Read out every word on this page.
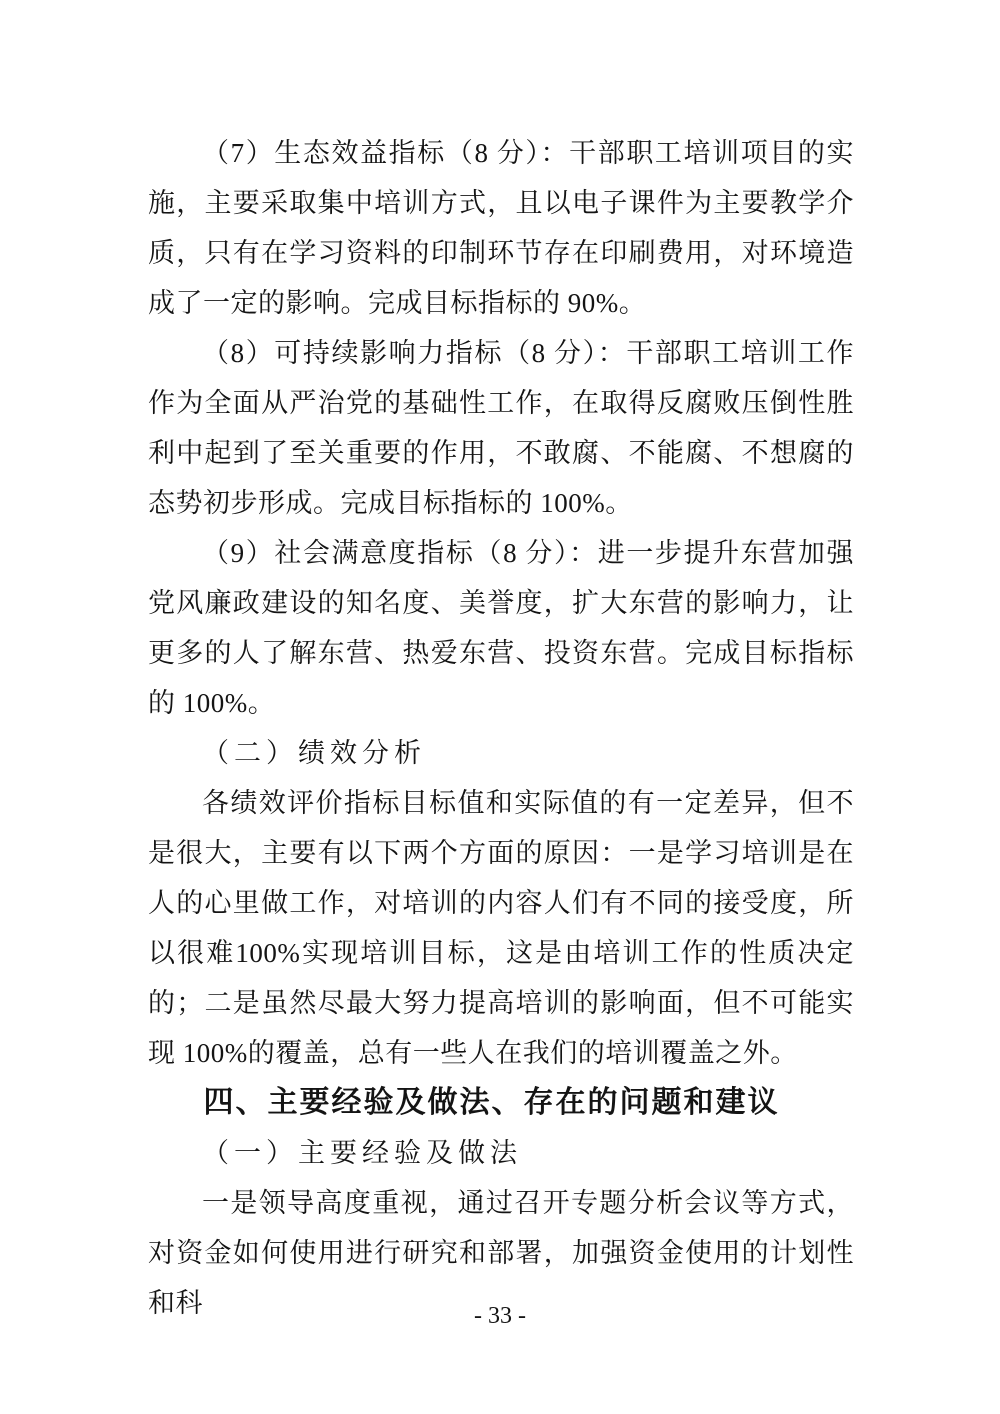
（7）生态效益指标（8 分）：干部职工培训项目的实施，主要采取集中培训方式，且以电子课件为主要教学介质，只有在学习资料的印制环节存在印刷费用，对环境造成了一定的影响。完成目标指标的 90%。

（8）可持续影响力指标（8 分）：干部职工培训工作作为全面从严治党的基础性工作，在取得反腐败压倒性胜利中起到了至关重要的作用，不敢腐、不能腐、不想腐的态势初步形成。完成目标指标的 100%。

（9）社会满意度指标（8 分）：进一步提升东营加强党风廉政建设的知名度、美誉度，扩大东营的影响力，让更多的人了解东营、热爱东营、投资东营。完成目标指标的 100%。

（二）绩效分析

各绩效评价指标目标值和实际值的有一定差异，但不是很大，主要有以下两个方面的原因：一是学习培训是在人的心里做工作，对培训的内容人们有不同的接受度，所以很难100%实现培训目标，这是由培训工作的性质决定的；二是虽然尽最大努力提高培训的影响面，但不可能实现 100%的覆盖，总有一些人在我们的培训覆盖之外。

四、主要经验及做法、存在的问题和建议
（一）主要经验及做法

一是领导高度重视，通过召开专题分析会议等方式，对资金如何使用进行研究和部署，加强资金使用的计划性和科	- 33 -
